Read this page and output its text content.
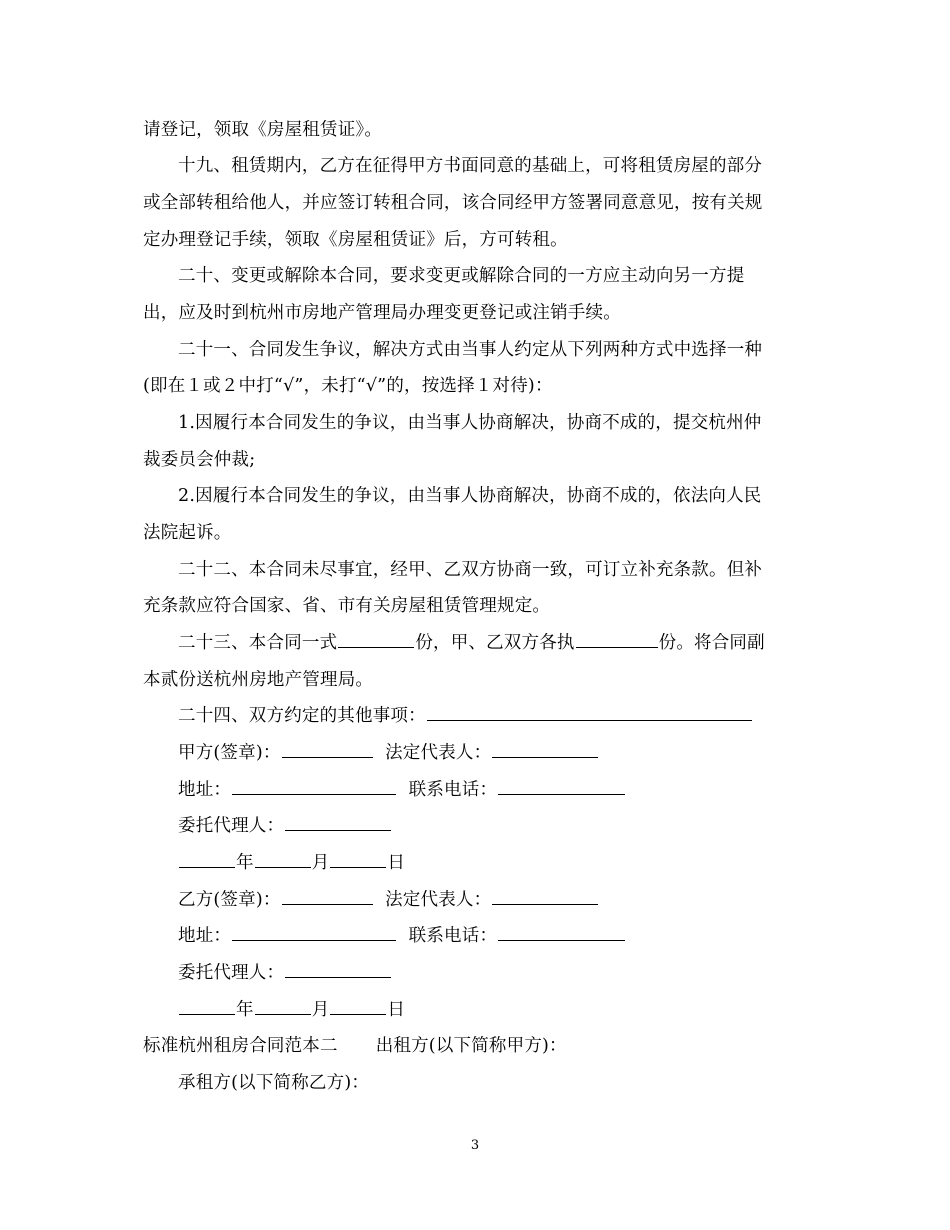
请登记，领取《房屋租赁证》。
十九、租赁期内，乙方在征得甲方书面同意的基础上，可将租赁房屋的部分
或全部转租给他人，并应签订转租合同，该合同经甲方签署同意意见，按有关规
定办理登记手续，领取《房屋租赁证》后，方可转租。
二十、变更或解除本合同，要求变更或解除合同的一方应主动向另一方提
出，应及时到杭州市房地产管理局办理变更登记或注销手续。
二十一、合同发生争议，解决方式由当事人约定从下列两种方式中选择一种
(即在１或２中打“√”，未打“√”的，按选择１对待)：
1.因履行本合同发生的争议，由当事人协商解决，协商不成的，提交杭州仲
裁委员会仲裁;
2.因履行本合同发生的争议，由当事人协商解决，协商不成的，依法向人民
法院起诉。
二十二、本合同未尽事宜，经甲、乙双方协商一致，可订立补充条款。但补
充条款应符合国家、省、市有关房屋租赁管理规定。
二十三、本合同一式	份，甲、乙双方各执	份。将合同副
本贰份送杭州房地产管理局。
二十四、双方约定的其他事项：
甲方(签章)：	法定代表人：
地址：	联系电话：
委托代理人：
年	月	日
乙方(签章)：	法定代表人：
地址：	联系电话：
委托代理人：
年	月	日
标准杭州租房合同范本二 出租方(以下简称甲方)：
承租方(以下简称乙方)：
3
